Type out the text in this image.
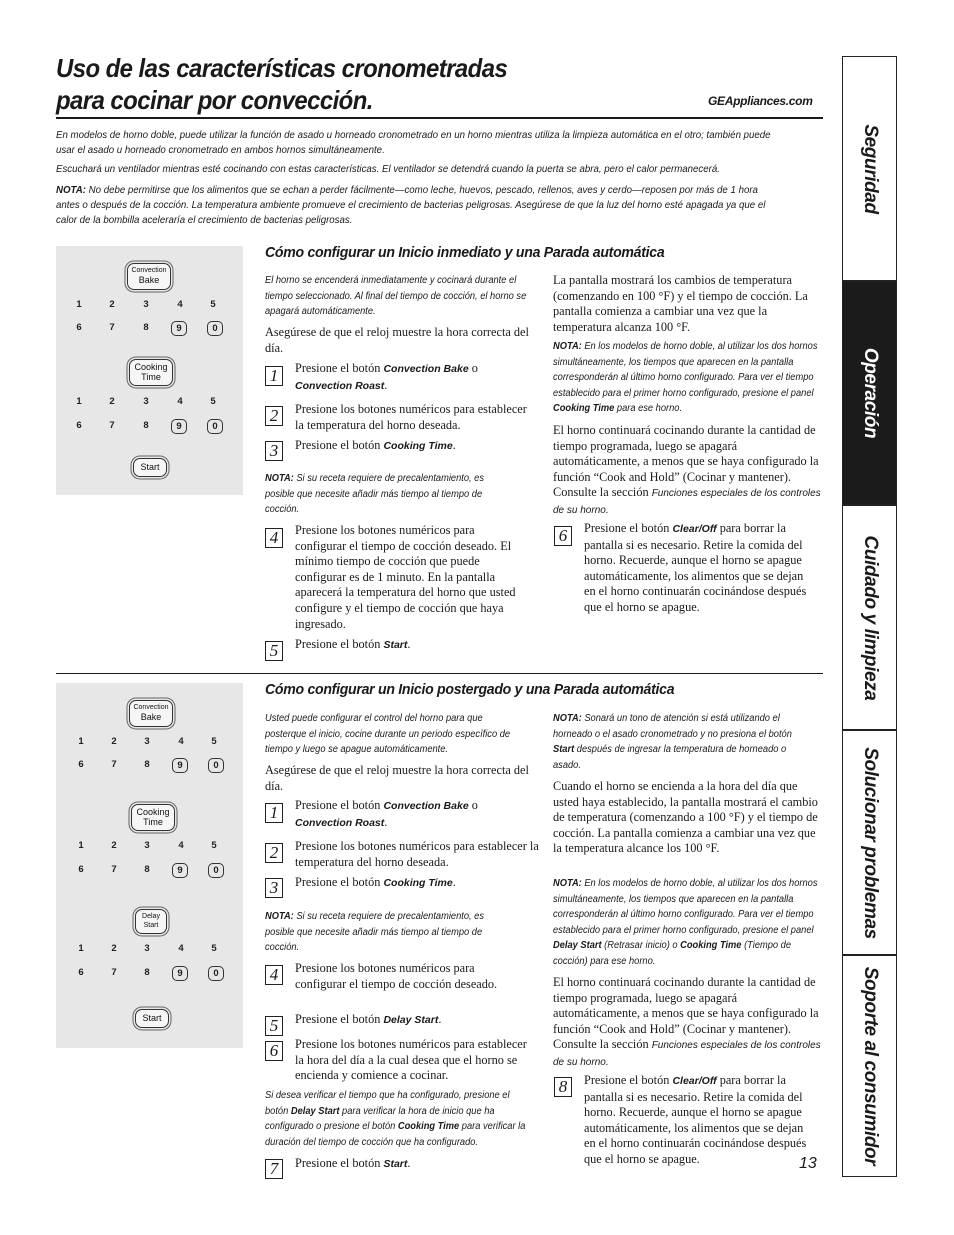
Uso de las características cronometradas
para cocinar por convección.	GEAppliances.com
En modelos de horno doble, puede utilizar la función de asado u horneado cronometrado en un horno mientras utiliza la limpieza automática en el otro; también puede usar el asado u horneado cronometrado en ambos hornos simultáneamente.
Escuchará un ventilador mientras esté cocinando con estas características. El ventilador se detendrá cuando la puerta se abra, pero el calor permanecerá.
NOTA: No debe permitirse que los alimentos que se echan a perder fácilmente—como leche, huevos, pescado, rellenos, aves y cerdo—reposen por más de 1 hora antes o después de la cocción. La temperatura ambiente promueve el crecimiento de bacterias peligrosas. Asegúrese de que la luz del horno esté apagada ya que el calor de la bombilla aceleraría el crecimiento de bacterias peligrosas.
Convection
Bake
1	2	3	4	5
6	7	8	9	0
Cooking
Time
1	2	3	4	5
6	7	8	9	0
Start
Cómo configurar un Inicio inmediato y una Parada automática
El horno se encenderá inmediatamente y cocinará durante el tiempo seleccionado. Al final del tiempo de cocción, el horno se apagará automáticamente.
Asegúrese de que el reloj muestre la hora correcta del día.
1	Presione el botón Convection Bake o Convection Roast.
2	Presione los botones numéricos para establecer la temperatura del horno deseada.
3	Presione el botón Cooking Time.
NOTA: Si su receta requiere de precalentamiento, es posible que necesite añadir más tiempo al tiempo de cocción.
4	Presione los botones numéricos para configurar el tiempo de cocción deseado. El mínimo tiempo de cocción que puede configurar es de 1 minuto. En la pantalla aparecerá la temperatura del horno que usted configure y el tiempo de cocción que haya ingresado.
5	Presione el botón Start.
La pantalla mostrará los cambios de temperatura (comenzando en 100 °F) y el tiempo de cocción. La pantalla comienza a cambiar una vez que la temperatura alcanza 100 °F.
NOTA: En los modelos de horno doble, al utilizar los dos hornos simultáneamente, los tiempos que aparecen en la pantalla corresponderán al último horno configurado. Para ver el tiempo establecido para el primer horno configurado, presione el panel Cooking Time para ese horno.
El horno continuará cocinando durante la cantidad de tiempo programada, luego se apagará automáticamente, a menos que se haya configurado la función “Cook and Hold” (Cocinar y mantener). Consulte la sección Funciones especiales de los controles de su horno.
6	Presione el botón Clear/Off para borrar la pantalla si es necesario. Retire la comida del horno. Recuerde, aunque el horno se apague automáticamente, los alimentos que se dejan en el horno continuarán cocinándose después que el horno se apague.
Convection
Bake
1	2	3	4	5
6	7	8	9	0
Cooking
Time
1	2	3	4	5
6	7	8	9	0
Delay
Start
1	2	3	4	5
6	7	8	9	0
Start
Cómo configurar un Inicio postergado y una Parada automática
Usted puede configurar el control del horno para que posterque el inicio, cocine durante un periodo específico de tiempo y luego se apague automáticamente.
Asegúrese de que el reloj muestre la hora correcta del día.
1	Presione el botón Convection Bake o Convection Roast.
2	Presione los botones numéricos para establecer la temperatura del horno deseada.
3	Presione el botón Cooking Time.
NOTA: Si su receta requiere de precalentamiento, es posible que necesite añadir más tiempo al tiempo de cocción.
4	Presione los botones numéricos para configurar el tiempo de cocción deseado.
5	Presione el botón Delay Start.
6	Presione los botones numéricos para establecer la hora del día a la cual desea que el horno se encienda y comience a cocinar.
Si desea verificar el tiempo que ha configurado, presione el botón Delay Start para verificar la hora de inicio que ha configurado o presione el botón Cooking Time para verificar la duración del tiempo de cocción que ha configurado.
7	Presione el botón Start.
NOTA: Sonará un tono de atención si está utilizando el horneado o el asado cronometrado y no presiona el botón Start después de ingresar la temperatura de horneado o asado.
Cuando el horno se encienda a la hora del día que usted haya establecido, la pantalla mostrará el cambio de temperatura (comenzando a 100 °F) y el tiempo de cocción. La pantalla comienza a cambiar una vez que la temperatura alcance los 100 °F.
NOTA: En los modelos de horno doble, al utilizar los dos hornos simultáneamente, los tiempos que aparecen en la pantalla corresponderán al último horno configurado. Para ver el tiempo establecido para el primer horno configurado, presione el panel Delay Start (Retrasar inicio) o Cooking Time (Tiempo de cocción) para ese horno.
El horno continuará cocinando durante la cantidad de tiempo programada, luego se apagará automáticamente, a menos que se haya configurado la función “Cook and Hold” (Cocinar y mantener). Consulte la sección Funciones especiales de los controles de su horno.
8	Presione el botón Clear/Off para borrar la pantalla si es necesario. Retire la comida del horno. Recuerde, aunque el horno se apague automáticamente, los alimentos que se dejan en el horno continuarán cocinándose después que el horno se apague.	13
Seguridad
Operación
Cuidado y limpieza
Solucionar problemas
Soporte al consumidor
